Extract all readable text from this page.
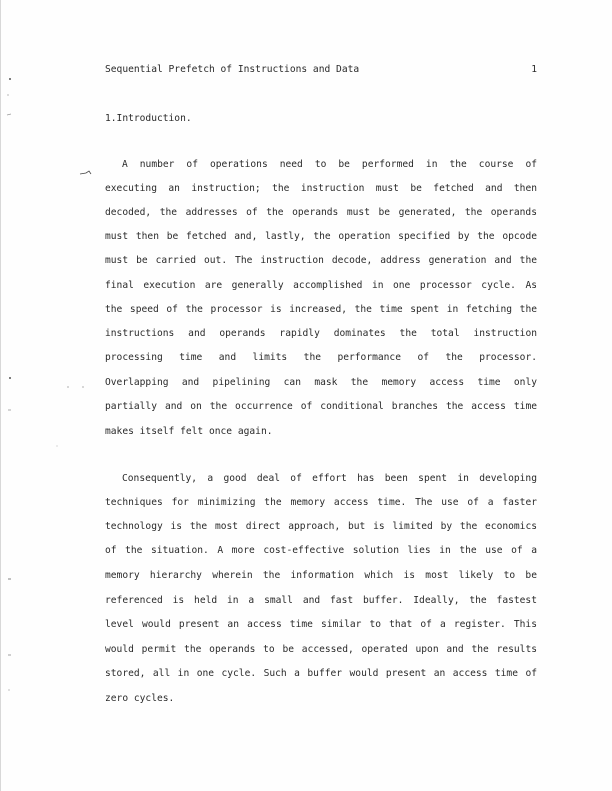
Sequential Prefetch of Instructions and Data	1
1.Introduction.
A number of operations need to be performed in the course of
executing an instruction; the instruction must be fetched and then
decoded, the addresses of the operands must be generated, the operands
must then be fetched and, lastly, the operation specified by the opcode
must be carried out. The instruction decode, address generation and the
final execution are generally accomplished in one processor cycle. As
the speed of the processor is increased, the time spent in fetching the
instructions and operands rapidly dominates the total instruction
processing time and limits the performance of the processor.
Overlapping and pipelining can mask the memory access time only
partially and on the occurrence of conditional branches the access time
makes itself felt once again.
Consequently, a good deal of effort has been spent in developing
techniques for minimizing the memory access time. The use of a faster
technology is the most direct approach, but is limited by the economics
of the situation. A more cost-effective solution lies in the use of a
memory hierarchy wherein the information which is most likely to be
referenced is held in a small and fast buffer. Ideally, the fastest
level would present an access time similar to that of a register. This
would permit the operands to be accessed, operated upon and the results
stored, all in one cycle. Such a buffer would present an access time of
zero cycles.
